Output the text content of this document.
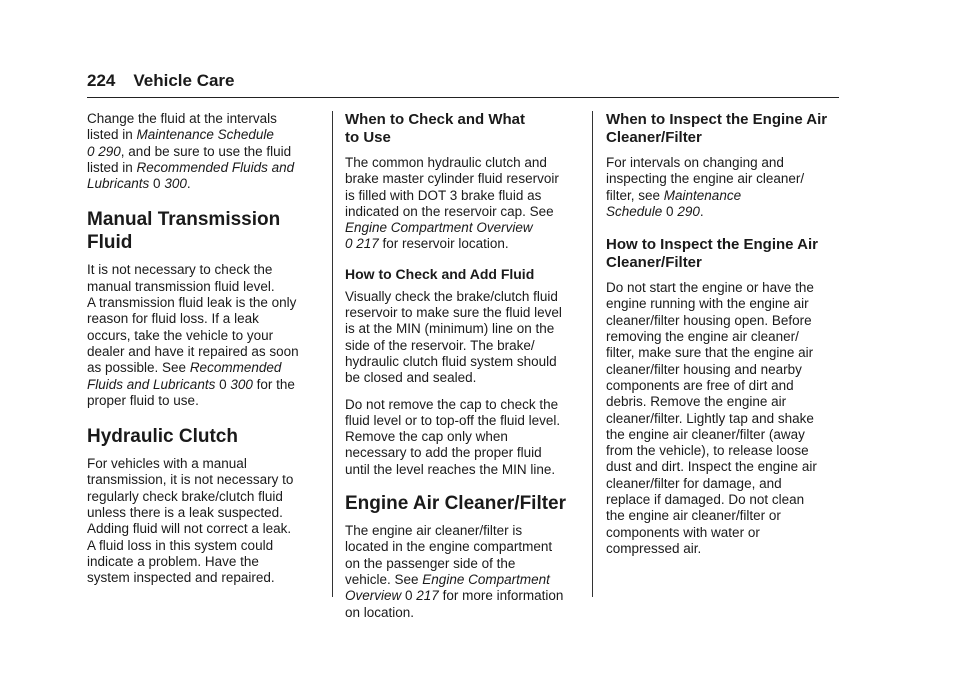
224 Vehicle Care

Change the fluid at the intervals
listed in Maintenance Schedule
0 290, and be sure to use the fluid
listed in Recommended Fluids and
Lubricants 0 300.

Manual Transmission
Fluid

It is not necessary to check the
manual transmission fluid level.
A transmission fluid leak is the only
reason for fluid loss. If a leak
occurs, take the vehicle to your
dealer and have it repaired as soon
as possible. See Recommended
Fluids and Lubricants 0 300 for the
proper fluid to use.

Hydraulic Clutch

For vehicles with a manual
transmission, it is not necessary to
regularly check brake/clutch fluid
unless there is a leak suspected.
Adding fluid will not correct a leak.
A fluid loss in this system could
indicate a problem. Have the
system inspected and repaired.

When to Check and What
to Use

The common hydraulic clutch and
brake master cylinder fluid reservoir
is filled with DOT 3 brake fluid as
indicated on the reservoir cap. See
Engine Compartment Overview
0 217 for reservoir location.

How to Check and Add Fluid

Visually check the brake/clutch fluid
reservoir to make sure the fluid level
is at the MIN (minimum) line on the
side of the reservoir. The brake/
hydraulic clutch fluid system should
be closed and sealed.

Do not remove the cap to check the
fluid level or to top-off the fluid level.
Remove the cap only when
necessary to add the proper fluid
until the level reaches the MIN line.

Engine Air Cleaner/Filter

The engine air cleaner/filter is
located in the engine compartment
on the passenger side of the
vehicle. See Engine Compartment
Overview 0 217 for more information
on location.

When to Inspect the Engine Air
Cleaner/Filter

For intervals on changing and
inspecting the engine air cleaner/
filter, see Maintenance
Schedule 0 290.

How to Inspect the Engine Air
Cleaner/Filter

Do not start the engine or have the
engine running with the engine air
cleaner/filter housing open. Before
removing the engine air cleaner/
filter, make sure that the engine air
cleaner/filter housing and nearby
components are free of dirt and
debris. Remove the engine air
cleaner/filter. Lightly tap and shake
the engine air cleaner/filter (away
from the vehicle), to release loose
dust and dirt. Inspect the engine air
cleaner/filter for damage, and
replace if damaged. Do not clean
the engine air cleaner/filter or
components with water or
compressed air.
